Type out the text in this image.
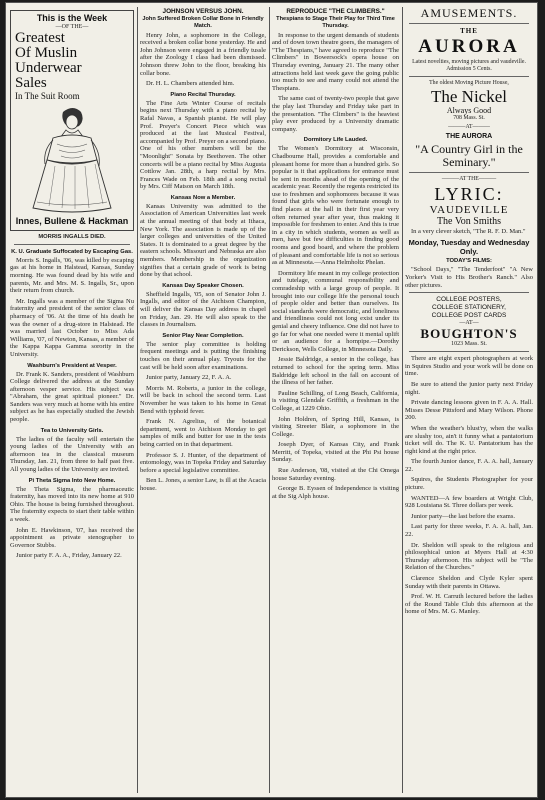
This is the Week
—OF THE—
Greatest
Of Muslin
Underwear
Sales
In The Suit Room
Innes, Bullene & Hackman
MORRIS INGALLS DIED.
K. U. Graduate Suffocated by Escaping Gas.

Morris S. Ingalls, '06, was killed by escaping gas at his home in Halstead, Kansas, Sunday morning. He was found dead by his wife and parents, Mr. and Mrs. M. S. Ingalls, Sr., upon their return from church.

Mr. Ingalls was a member of the Sigma Nu fraternity and president of the senior class of pharmacy of '06. At the time of his death he was the owner of a drug-store in Halstead. He was married last October to Miss Ada Williams, '07, of Newton, Kansas, a member of the Kappa Kappa Gamma sorority in the University.

Washburn's President at Vesper.

Dr. Frank K. Sanders, president of Washburn College delivered the address at the Sunday afternoon vesper service. His subject was "Abraham, the great spiritual pioneer." Dr. Sanders was very much at home with his entire subject as he has especially studied the Jewish people.

Tea to University Girls.

The ladies of the faculty will entertain the young ladies of the University with an afternoon tea in the classical museum Thursday, Jan. 21, from three to half past five. All young ladies of the University are invited.

Pi Theta Sigma Into New Home.

The Theta Sigma, the pharmaceutic fraternity, has moved into its new home at 910 Ohio. The house is being furnished throughout. The fraternity expects to start their table within a week.

John E. Hawkinson, '07, has received the appointment as private stenographer to Governor Stubbs.

Junior party F. A. A., Friday, January 22.

JOHNSON VERSUS JOHN.
John Suffered Broken Collar Bone in Friendly Match.

Henry John, a sophomore in the College, received a broken collar bone yesterday. He and John Johnson were engaged in a friendly tussle after the Zoology I class had been dismissed. Johnson threw John to the floor, breaking his collar bone.

Dr. H. L. Chambers attended him.

Piano Recital Thursday.

The Fine Arts Winter Course of recitals begins next Thursday with a piano recital by Rafal Navas, a Spanish pianist. He will play Prof. Preyer's Concert Piece which was produced at the last Musical Festival, accompanied by Prof. Preyer on a second piano. One of his other numbers will be the "Moonlight" Sonata by Beethoven. The other concerts will be a piano recital by Miss Augusta Cottlow Jan. 28th, a harp recital by Mrs. Frances Wade on Feb. 18th and a song recital by Mrs. Ciff Matson on March 18th.

Kansas Now a Member.

Kansas University was admitted to the Association of American Universities last week at the annual meeting of that body at Ithaca, New York. The association is made up of the larger colleges and universities of the United States. It is dominated to a great degree by the eastern schools. Missouri and Nebraska are also members. Membership in the organization signifies that a certain grade of work is being done by that school.

Kansas Day Speaker Chosen.

Sheffield Ingalls, '05, son of Senator John J. Ingalls, and editor of the Atchison Champion, will deliver the Kansas Day address in chapel on Friday, Jan. 29. He will also speak to the classes in Journalism.

Senior Play Near Completion.

The senior play committee is holding frequent meetings and is putting the finishing touches on their annual play. Tryouts for the cast will be held soon after examinations.

Junior party, January 22, F. A. A.

Morris M. Roberts, a junior in the college, will be back in school the second term. Last November he was taken to his home in Great Bend with typhoid fever.

Frank N. Agrelius, of the botanical department, went to Atchison Monday to get samples of milk and butter for use in the tests being carried on in that department.

Professor S. J. Hunter, of the department of entomology, was in Topeka Friday and Saturday before a special legislative committee.

Ben L. Jones, a senior Law, is ill at the Acacia house.

REPRODUCE "THE CLIMBERS."
Thespians to Stage Their Play for Third Time Thursday.

In response to the urgent demands of students and of down town theatre goers, the managers of "The Thespians," have agreed to reproduce "The Climbers" in Bowersock's opera house on Thursday evening, January 21. The many other attractions held last week gave the going public too much to see and many could not attend the Thespians.

The same cast of twenty-two people that gave the play last Thursday and Friday take part in the presentation. "The Climbers" is the heaviest play ever produced by a University dramatic company.

Dormitory Life Lauded.

The Women's Dormitory at Wisconsin, Chadbourne Hall, provides a comfortable and pleasant home for more than a hundred girls. So popular is it that applications for entrance must be sent in months ahead of the opening of the academic year. Recently the regents restricted its use to freshmen and sophomores because it was found that girls who were fortunate enough to find places at the hall in their first year very often returned year after year, thus making it impossible for freshmen to enter. And this is true in a city in which students, women as well as men, have but few difficulties in finding good rooms and good board, and where the problem of pleasant and comfortable life is not so serious as at Minnesota.—Anna Helmholtz Phelan.

Dormitory life meant in my college protection and tutelage, communal responsibility and comradeship with a large group of people. It brought into our college life the personal touch of people older and better than ourselves. Its social standards were democratic, and loneliness and friendliness could not long exist under its genial and cheery influence. One did not have to go far for what one needed were it mental uplift or an audience for a hornpipe.—Dorothy Derickson, Wells College, in Minnesota Daily.

Jessie Baldridge, a senior in the college, has returned to school for the spring term. Miss Baldridge left school in the fall on account of the illness of her father.

Pauline Schilling, of Long Beach, California, is visiting Glendale Griffith, a freshman in the College, at 1229 Ohio.

John Holdren, of Spring Hill, Kansas, is visiting Streeter Blair, a sophomore in the College.

Joseph Dyer, of Kansas City, and Frank Merritt, of Topeka, visited at the Phi Psi house Sunday.

Rue Anderson, '08, visited at the Chi Omega house Saturday evening.

George B. Eyssen of Independence is visiting at the Sig Alph house.

AMUSEMENTS.
THE
AURORA

Latest novelties, moving pictures and vaudeville. Admission 5 Cents.

The oldest Moving Picture House,

The Nickel
Always Good

708 Mass. St.

———AT———

THE AURORA
"A Country Girl in the Seminary."

———AT THE———

LYRIC:
VAUDEVILLE
The Von Smiths

In a very clever sketch, "The R. F. D. Man."

Monday, Tuesday and Wednesday Only.
TODAY'S FILMS:

"School Days," "The Tenderfoot" "A New Yorker's Visit to His Brother's Ranch." Also other pictures.

COLLEGE POSTERS,
COLLEGE STATIONERY,
COLLEGE POST CARDS
—AT—
BOUGHTON'S
1023 Mass. St.

There are eight expert photographers at work in Squires Studio and your work will be done on time.

Be sure to attend the junior party next Friday night.

Private dancing lessons given in F. A. A. Hall. Misses Desse Pittsford and Mary Wilson. Phone 200.

When the weather's blust'ry, when the walks are slushy too, ain't it funny what a pantatorium ticket will do. The K. U. Pantatorium has the right kind at the right price.

The fourth Junior dance, F. A. A. hall, January 22.

Squires, the Students Photographer for your picture.

WANTED—A few boarders at Wright Club, 928 Louisiana St. Three dollars per week.

Junior party—the last before the exams.

Last party for three weeks, F. A. A. hall, Jan. 22.

Dr. Sheldon will speak to the religious and philosophical union at Myers Hall at 4:30 Thursday afternoon. His subject will be "The Relation of the Churches."

Clarence Sheldon and Clyde Kyler spent Sunday with their parents in Ottawa.

Prof. W. H. Carruth lectured before the ladies of the Round Table Club this afternoon at the home of Mrs. M. G. Manley.
